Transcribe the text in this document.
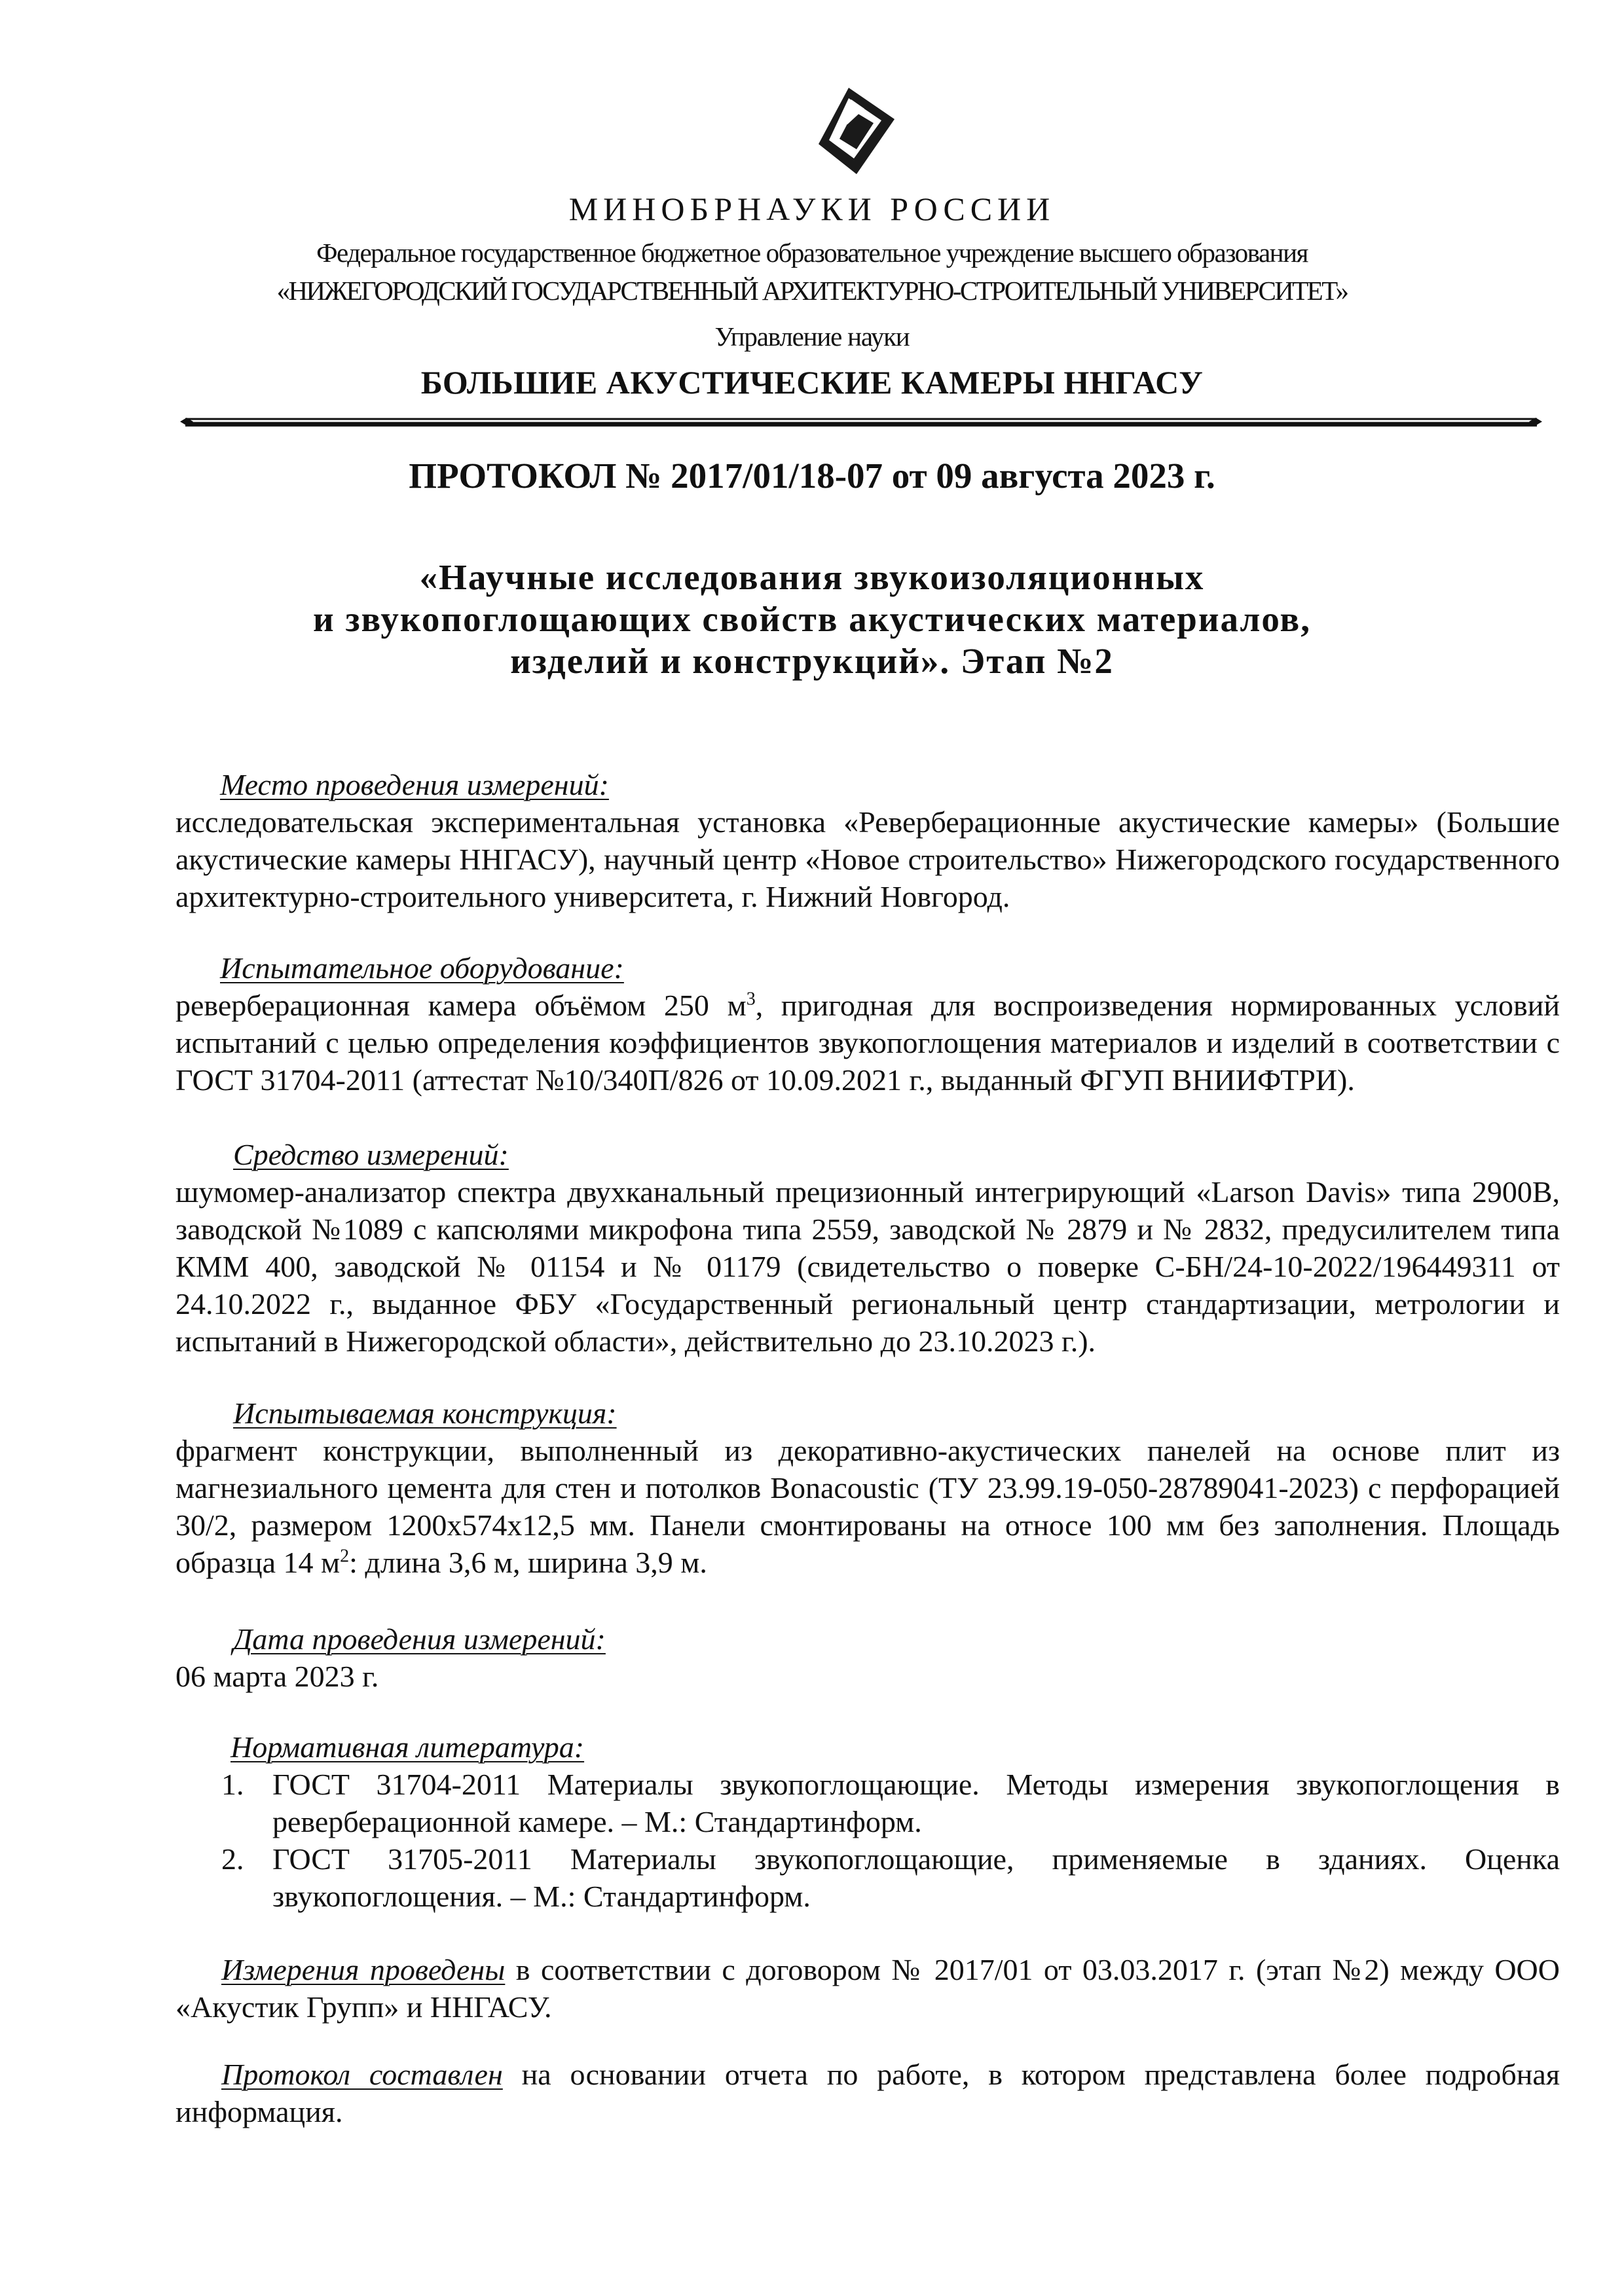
МИНОБРНАУКИ РОССИИ
Федеральное государственное бюджетное образовательное учреждение высшего образования
«НИЖЕГОРОДСКИЙ ГОСУДАРСТВЕННЫЙ АРХИТЕКТУРНО-СТРОИТЕЛЬНЫЙ УНИВЕРСИТЕТ»
Управление науки
БОЛЬШИЕ АКУСТИЧЕСКИЕ КАМЕРЫ ННГАСУ
ПРОТОКОЛ № 2017/01/18-07 от 09 августа 2023 г.
«Научные исследования звукоизоляционных
и звукопоглощающих свойств акустических материалов,
изделий и конструкций». Этап №2
Место проведения измерений:
исследовательская экспериментальная установка «Реверберационные акустические камеры» (Большие акустические камеры ННГАСУ), научный центр «Новое строительство» Нижегородского государственного архитектурно-строительного университета, г. Нижний Новгород.
Испытательное оборудование:
реверберационная камера объёмом 250 $м^3$, пригодная для воспроизведения нормированных условий испытаний с целью определения коэффициентов звукопоглощения материалов и изделий в соответствии с ГОСТ 31704-2011 (аттестат №10/340П/826 от 10.09.2021 г., выданный ФГУП ВНИИФТРИ).
Средство измерений:
шумомер-анализатор спектра двухканальный прецизионный интегрирующий «Larson Davis» типа 2900В, заводской №1089 с капсюлями микрофона типа 2559, заводской № 2879 и № 2832, предусилителем типа КММ 400, заводской № 01154 и № 01179 (свидетельство о поверке С-БН/24-10-2022/196449311 от 24.10.2022 г., выданное ФБУ «Государственный региональный центр стандартизации, метрологии и испытаний в Нижегородской области», действительно до 23.10.2023 г.).
Испытываемая конструкция:
фрагмент конструкции, выполненный из декоративно-акустических панелей на основе плит из магнезиального цемента для стен и потолков Bonacoustic (ТУ 23.99.19-050-28789041-2023) с перфорацией 30/2, размером 1200x574x12,5 мм. Панели смонтированы на относе 100 мм без заполнения. Площадь образца 14 $м^2$: длина 3,6 м, ширина 3,9 м.
Дата проведения измерений:
06 марта 2023 г.
Нормативная литература:
1. ГОСТ 31704-2011 Материалы звукопоглощающие. Методы измерения звукопоглощения в реверберационной камере. – М.: Стандартинформ.
2. ГОСТ 31705-2011 Материалы звукопоглощающие, применяемые в зданиях. Оценка звукопоглощения. – М.: Стандартинформ.
Измерения проведены в соответствии с договором № 2017/01 от 03.03.2017 г. (этап №2) между ООО «Акустик Групп» и ННГАСУ.
Протокол составлен на основании отчета по работе, в котором представлена более подробная информация.
